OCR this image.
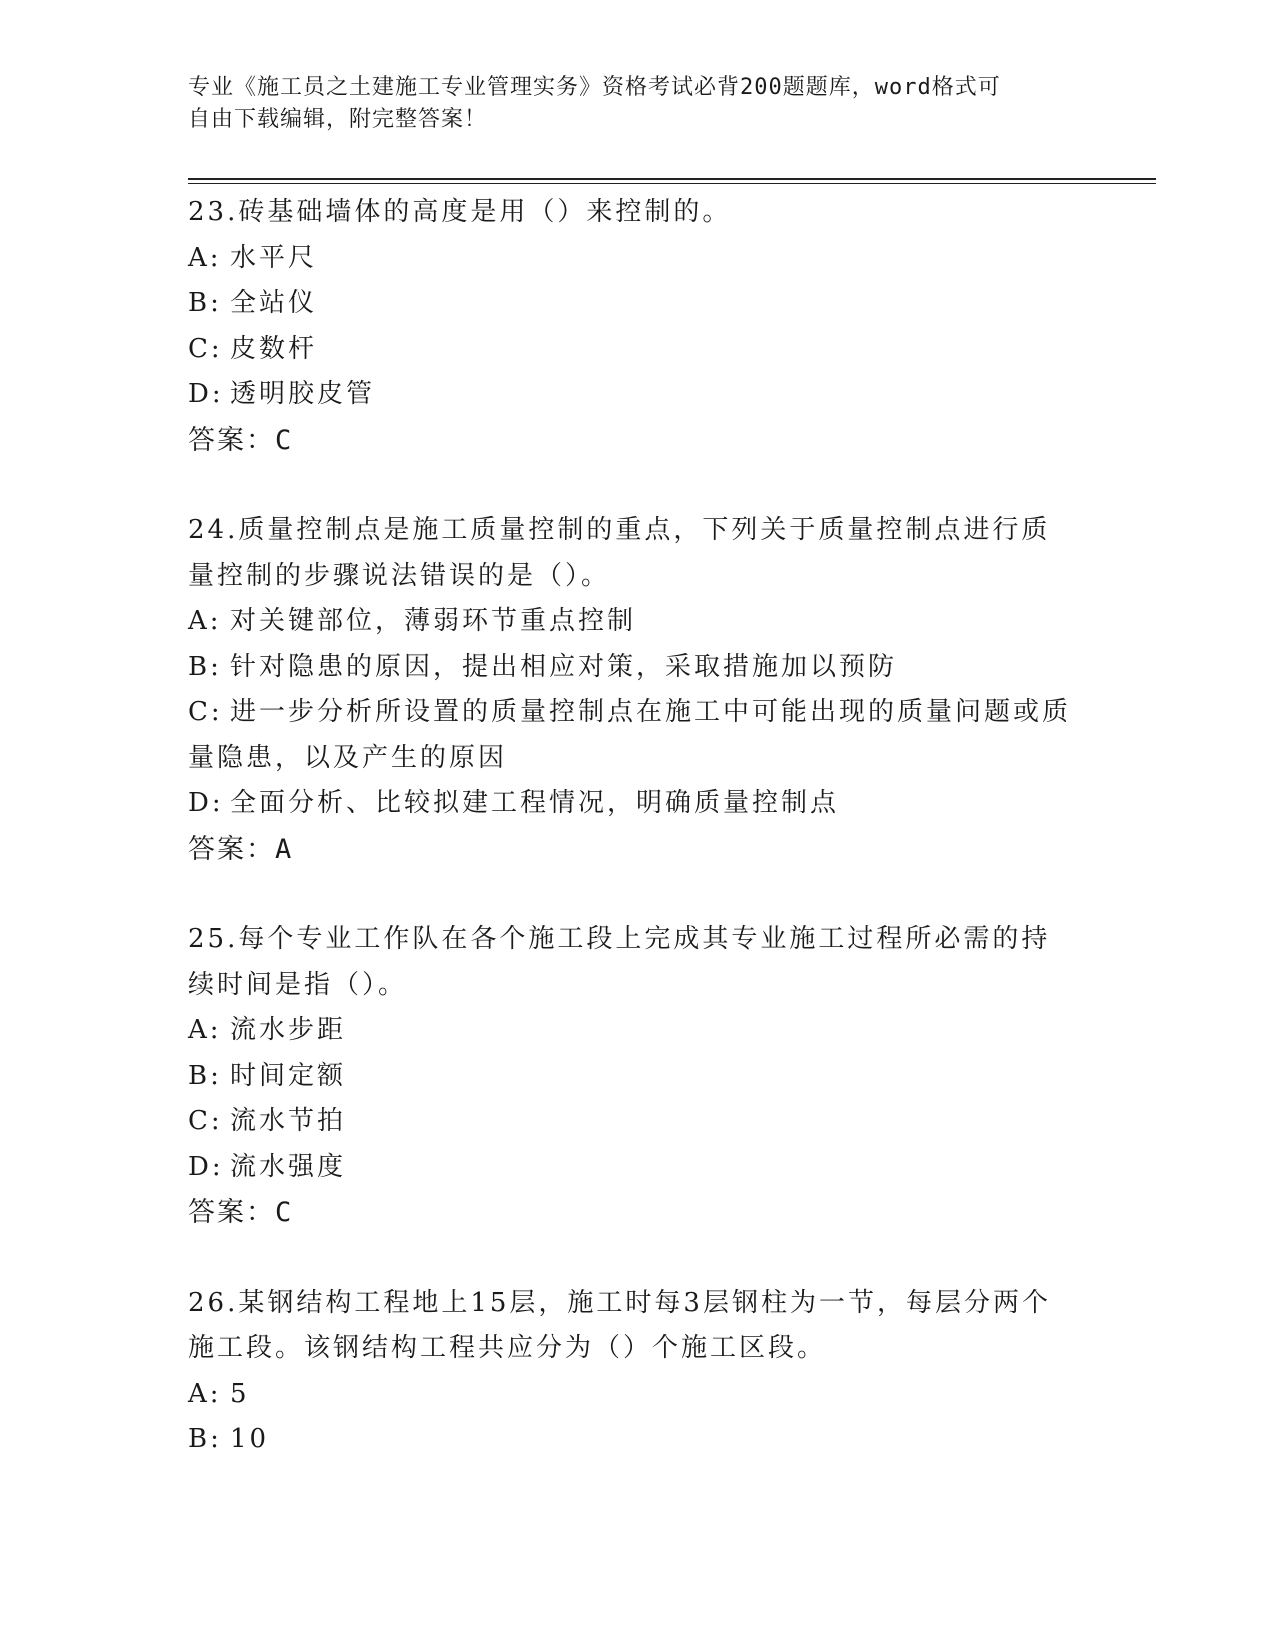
专业《施工员之土建施工专业管理实务》资格考试必背200题题库，word格式可
自由下载编辑，附完整答案！
23.砖基础墙体的高度是用（）来控制的。
A: 水平尺
B: 全站仪
C: 皮数杆
D: 透明胶皮管
答案：C
24.质量控制点是施工质量控制的重点，下列关于质量控制点进行质量控制的步骤说法错误的是（）。
A: 对关键部位，薄弱环节重点控制
B: 针对隐患的原因，提出相应对策，采取措施加以预防
C: 进一步分析所设置的质量控制点在施工中可能出现的质量问题或质量隐患，以及产生的原因
D: 全面分析、比较拟建工程情况，明确质量控制点
答案：A
25.每个专业工作队在各个施工段上完成其专业施工过程所必需的持续时间是指（）。
A: 流水步距
B: 时间定额
C: 流水节拍
D: 流水强度
答案：C
26.某钢结构工程地上15层，施工时每3层钢柱为一节，每层分两个施工段。该钢结构工程共应分为（）个施工区段。
A: 5
B: 10
